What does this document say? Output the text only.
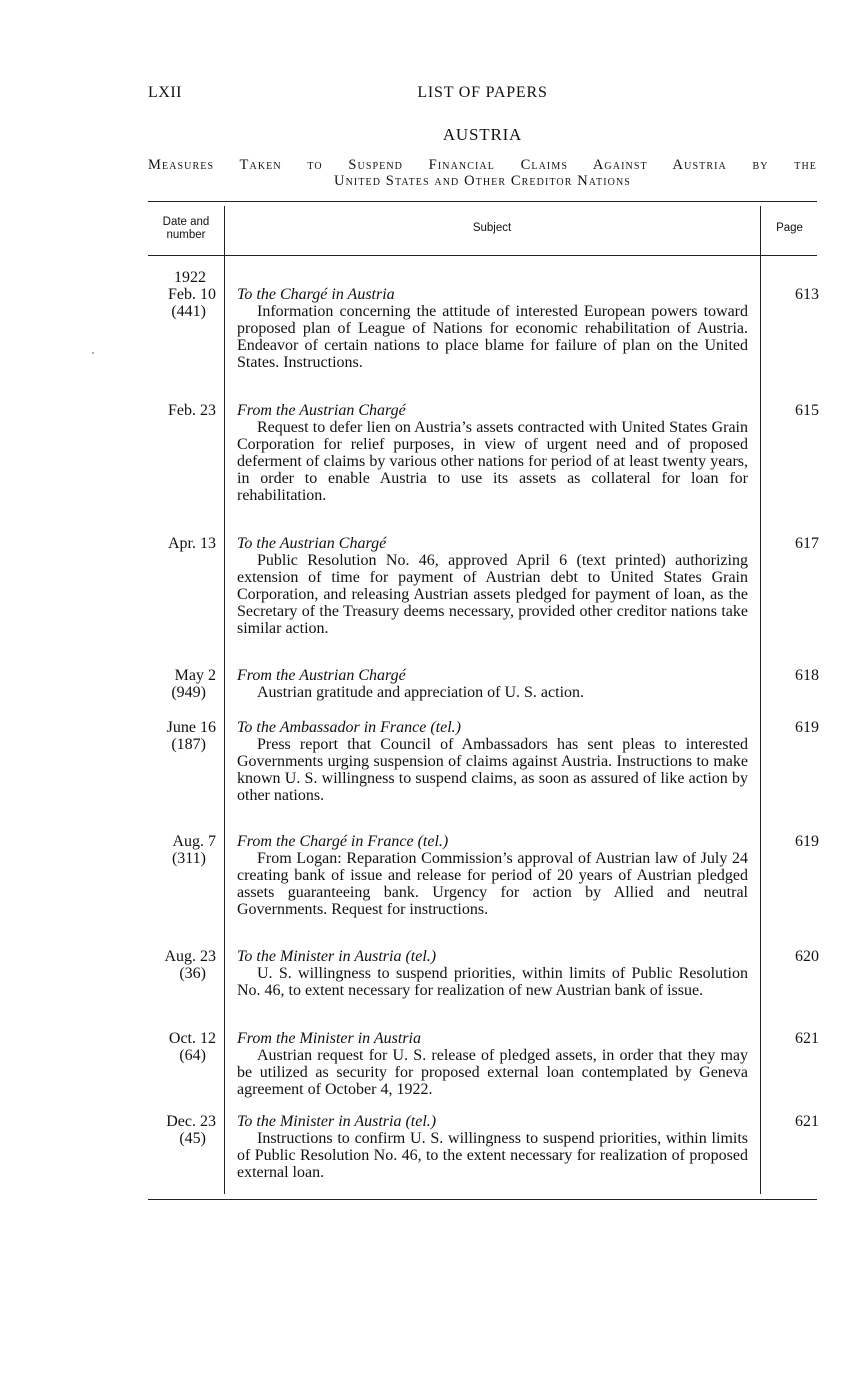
LXII	LIST OF PAPERS
AUSTRIA
Measures Taken to Suspend Financial Claims Against Austria by the
United States and Other Creditor Nations
Date and number
Subject	Page
1922
Feb. 10
(441)
To the Chargé in Austria
Information concerning the attitude of interested European powers toward proposed plan of League of Nations for economic rehabilitation of Austria. Endeavor of certain nations to place blame for failure of plan on the United States. Instructions.
613
Feb. 23 From the Austrian Chargé
Request to defer lien on Austria’s assets contracted with United States Grain Corporation for relief purposes, in view of urgent need and of proposed deferment of claims by various other nations for period of at least twenty years, in order to enable Austria to use its assets as collateral for loan for rehabilitation.
615
Apr. 13 To the Austrian Chargé
Public Resolution No. 46, approved April 6 (text printed) authorizing extension of time for payment of Austrian debt to United States Grain Corporation, and releasing Austrian assets pledged for payment of loan, as the Secretary of the Treasury deems necessary, provided other creditor nations take similar action.
617
May 2
(949)
From the Austrian Chargé
Austrian gratitude and appreciation of U. S. action.
618
June 16
(187)
To the Ambassador in France (tel.)
Press report that Council of Ambassadors has sent pleas to interested Governments urging suspension of claims against Austria. Instructions to make known U. S. willingness to suspend claims, as soon as assured of like action by other nations.
619
Aug. 7
(311)
From the Chargé in France (tel.)
From Logan: Reparation Commission’s approval of Austrian law of July 24 creating bank of issue and release for period of 20 years of Austrian pledged assets guaranteeing bank. Urgency for action by Allied and neutral Governments. Request for instructions.
619
Aug. 23
(36)
To the Minister in Austria (tel.)
U. S. willingness to suspend priorities, within limits of Public Resolution No. 46, to extent necessary for realization of new Austrian bank of issue.
620
Oct. 12
(64)
From the Minister in Austria
Austrian request for U. S. release of pledged assets, in order that they may be utilized as security for proposed external loan contemplated by Geneva agreement of October 4, 1922.
621
Dec. 23
(45)
To the Minister in Austria (tel.)
Instructions to confirm U. S. willingness to suspend priorities, within limits of Public Resolution No. 46, to the extent necessary for realization of proposed external loan.
621
